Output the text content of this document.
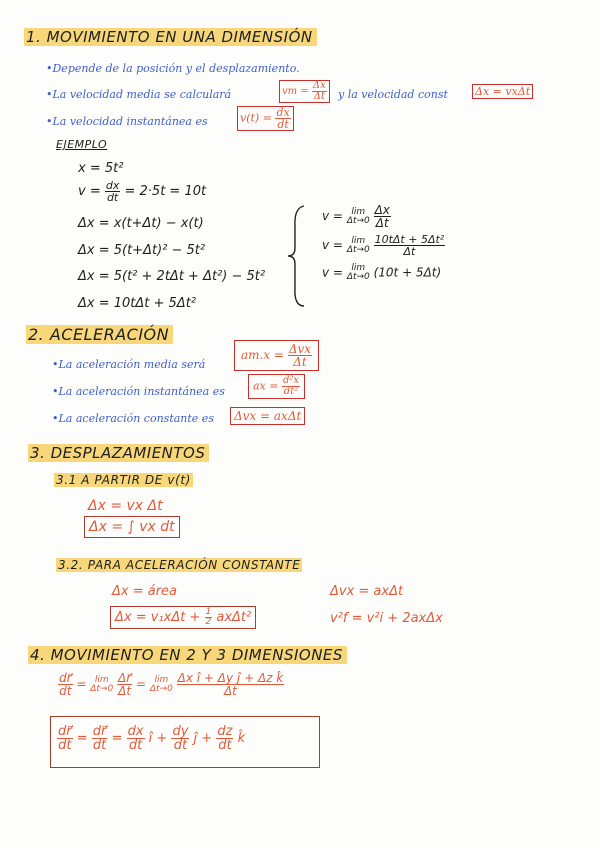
1. MOVIMIENTO EN UNA DIMENSIÓN
•Depende de la posición y el desplazamiento.
•La velocidad media se calculará	vm = $\frac{\Delta x}{\Delta t}$ y la velocidad const Δx = vxΔt
•La velocidad instantánea es	$v(t) = \frac{dx}{dt}$
EJEMPLO
x = 5t²
$v = \frac{dx}{dt} = 2\cdot 5t = 10t$
Δx = x(t+Δt) − x(t)
Δx = 5(t+Δt)² − 5t²
Δx = 5(t² + 2tΔt + Δt²) − 5t²
Δx = 10tΔt + 5Δt²
v = lim
Δt→0
$\frac{\Delta x}{\Delta t}$
v = lim
Δt→0
$\frac{\text{10tΔt + 5Δt²}}{\Delta t}$
v = lim
Δt→0 (10t + 5Δt)
2. ACELERACIÓN
•La aceleración media será
$am.x = \frac{\text{Δvx}}{\Delta t}$
•La aceleración instantánea es	ax = $\frac{\text{d²x}}{\text{dt²}}$
•La aceleración constante es	Δvx = axΔt
3. DESPLAZAMIENTOS
3.1 A PARTIR DE v(t)
Δx = vx Δt
Δx = ∫ vx dt
3.2. PARA ACELERACIÓN CONSTANTE
Δx = área
$\Delta x = v_1x\Delta t + \frac{1}{2} ax\Delta t^2$
Δvx = axΔt
v²f = v²i + 2axΔx
4. MOVIMIENTO EN 2 Y 3 DIMENSIONES
$\frac{dr⃗}{dt} = \lim$
Δt→0
$\frac{\Delta r⃗}{\Delta t} = \lim$
Δt→0
$\frac{\text{Δx î + Δy ĵ + Δz k̂}}{\Delta t}$
$\frac{dr⃗}{dt} = \frac{dr⃗}{dt} = \frac{dx}{dt}$ î + $\frac{dy}{dt}$ ĵ + $\frac{dz}{dt}$ k̂
